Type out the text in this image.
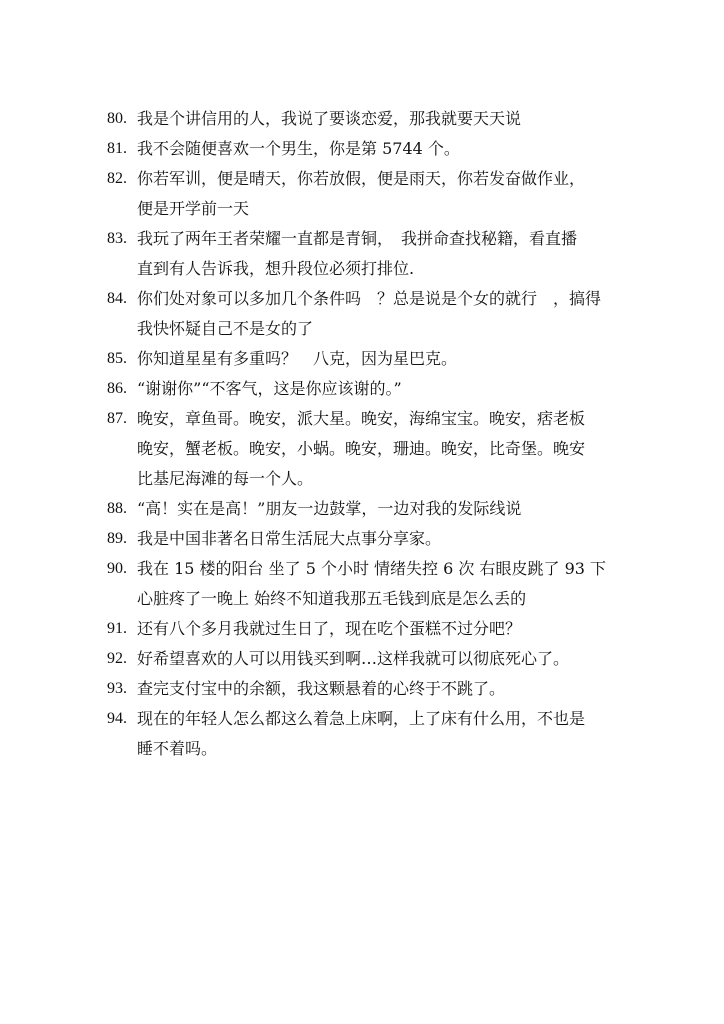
80. 我是个讲信用的人，我说了要谈恋爱，那我就要天天说
81. 我不会随便喜欢一个男生，你是第 5744 个。
82. 你若军训，便是晴天，你若放假，便是雨天，你若发奋做作业，
便是开学前一天
83. 我玩了两年王者荣耀一直都是青铜，　我拼命查找秘籍，看直播
直到有人告诉我，想升段位必须打排位.
84. 你们处对象可以多加几个条件吗　？总是说是个女的就行　，搞得
我快怀疑自己不是女的了
85. 你知道星星有多重吗？　八克，因为星巴克。
86. “谢谢你”“不客气，这是你应该谢的。”
87. 晚安，章鱼哥。晚安，派大星。晚安，海绵宝宝。晚安，痞老板
晚安，蟹老板。晚安，小蜗。晚安，珊迪。晚安，比奇堡。晚安
比基尼海滩的每一个人。
88. “高！实在是高！”朋友一边鼓掌，一边对我的发际线说
89. 我是中国非著名日常生活屁大点事分享家。
90. 我在 15 楼的阳台 坐了 5 个小时 情绪失控 6 次 右眼皮跳了 93 下
心脏疼了一晚上 始终不知道我那五毛钱到底是怎么丢的
91. 还有八个多月我就过生日了，现在吃个蛋糕不过分吧？
92. 好希望喜欢的人可以用钱买到啊…这样我就可以彻底死心了。
93. 查完支付宝中的余额，我这颗悬着的心终于不跳了。
94. 现在的年轻人怎么都这么着急上床啊，上了床有什么用，不也是
睡不着吗。
